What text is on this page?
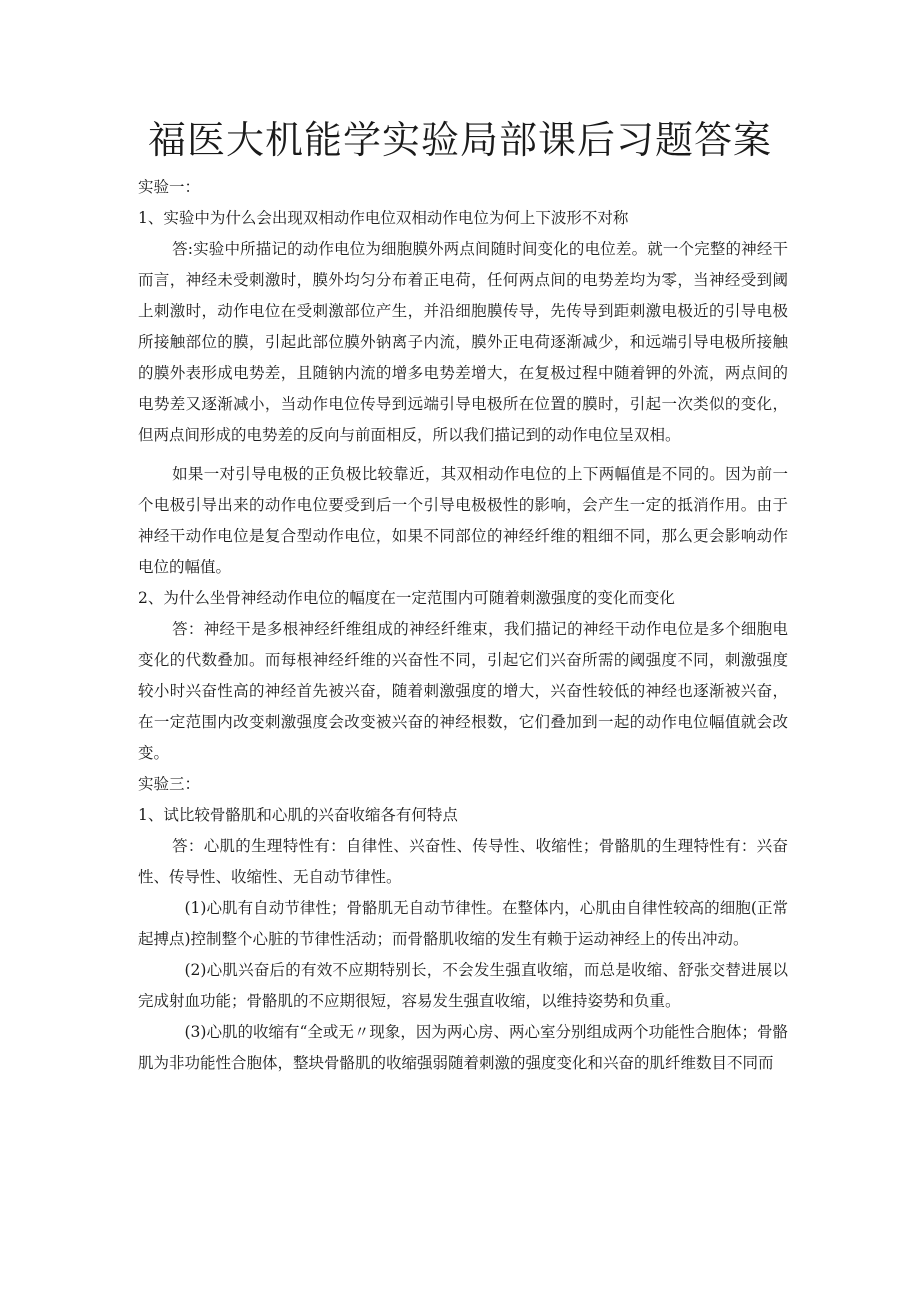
福医大机能学实验局部课后习题答案

实验一：

1、实验中为什么会出现双相动作电位双相动作电位为何上下波形不对称

答:实验中所描记的动作电位为细胞膜外两点间随时间变化的电位差。就一个完整的神经干而言，神经未受刺激时，膜外均匀分布着正电荷，任何两点间的电势差均为零，当神经受到阈上刺激时，动作电位在受刺激部位产生，并沿细胞膜传导，先传导到距刺激电极近的引导电极所接触部位的膜，引起此部位膜外钠离子内流，膜外正电荷逐渐减少，和远端引导电极所接触的膜外表形成电势差，且随钠内流的增多电势差增大，在复极过程中随着钾的外流，两点间的电势差又逐渐减小，当动作电位传导到远端引导电极所在位置的膜时，引起一次类似的变化，但两点间形成的电势差的反向与前面相反，所以我们描记到的动作电位呈双相。

如果一对引导电极的正负极比较靠近，其双相动作电位的上下两幅值是不同的。因为前一个电极引导出来的动作电位要受到后一个引导电极极性的影响，会产生一定的抵消作用。由于神经干动作电位是复合型动作电位，如果不同部位的神经纤维的粗细不同，那么更会影响动作电位的幅值。

2、为什么坐骨神经动作电位的幅度在一定范围内可随着刺激强度的变化而变化

答：神经干是多根神经纤维组成的神经纤维束，我们描记的神经干动作电位是多个细胞电变化的代数叠加。而每根神经纤维的兴奋性不同，引起它们兴奋所需的阈强度不同，刺激强度较小时兴奋性高的神经首先被兴奋，随着刺激强度的增大，兴奋性较低的神经也逐渐被兴奋，在一定范围内改变刺激强度会改变被兴奋的神经根数，它们叠加到一起的动作电位幅值就会改变。

实验三：

1、试比较骨骼肌和心肌的兴奋收缩各有何特点

答：心肌的生理特性有：自律性、兴奋性、传导性、收缩性；骨骼肌的生理特性有：兴奋性、传导性、收缩性、无自动节律性。

(1)心肌有自动节律性；骨骼肌无自动节律性。在整体内，心肌由自律性较高的细胞(正常起搏点)控制整个心脏的节律性活动；而骨骼肌收缩的发生有赖于运动神经上的传出冲动。

(2)心肌兴奋后的有效不应期特别长，不会发生强直收缩，而总是收缩、舒张交替进展以完成射血功能；骨骼肌的不应期很短，容易发生强直收缩，以维持姿势和负重。

(3)心肌的收缩有“全或无〃现象，因为两心房、两心室分别组成两个功能性合胞体；骨骼肌为非功能性合胞体，整块骨骼肌的收缩强弱随着刺激的强度变化和兴奋的肌纤维数目不同而
